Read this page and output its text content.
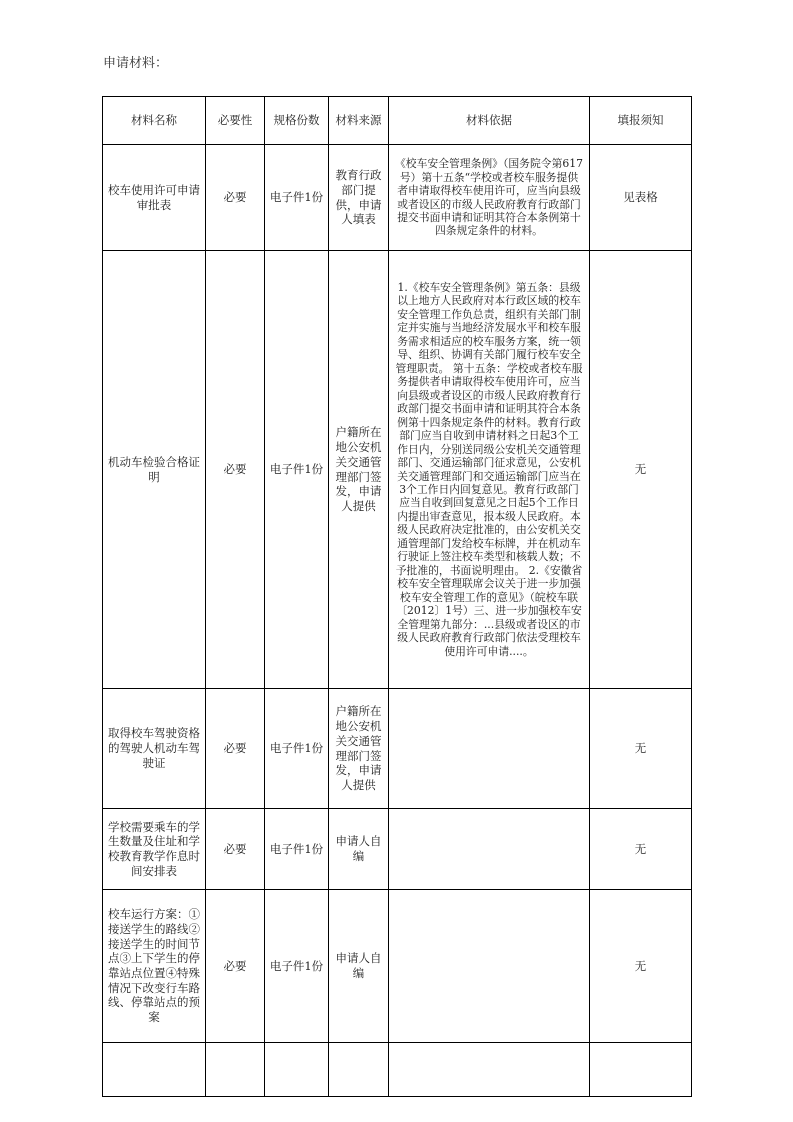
申请材料：
材料名称	必要性	规格份数	材料来源	材料依据	填报须知
校车使用许可申请审批表	必要	电子件1份	教育行政部门提供，申请人填表	《校车安全管理条例》（国务院令第617号）第十五条“学校或者校车服务提供者申请取得校车使用许可，应当向县级或者设区的市级人民政府教育行政部门提交书面申请和证明其符合本条例第十四条规定条件的材料。	见表格
机动车检验合格证明	必要	电子件1份	户籍所在地公安机关交通管理部门签发，申请人提供	1.《校车安全管理条例》第五条：县级以上地方人民政府对本行政区域的校车安全管理工作负总责，组织有关部门制定并实施与当地经济发展水平和校车服务需求相适应的校车服务方案，统一领导、组织、协调有关部门履行校车安全管理职责。 第十五条：学校或者校车服务提供者申请取得校车使用许可，应当向县级或者设区的市级人民政府教育行政部门提交书面申请和证明其符合本条例第十四条规定条件的材料。教育行政部门应当自收到申请材料之日起3个工作日内，分别送同级公安机关交通管理部门、交通运输部门征求意见，公安机关交通管理部门和交通运输部门应当在3个工作日内回复意见。教育行政部门应当自收到回复意见之日起5个工作日内提出审查意见，报本级人民政府。本级人民政府决定批准的，由公安机关交通管理部门发给校车标牌，并在机动车行驶证上签注校车类型和核载人数；不予批准的，书面说明理由。 2.《安徽省校车安全管理联席会议关于进一步加强校车安全管理工作的意见》（皖校车联〔2012〕1号）三、进一步加强校车安全管理第九部分：...县级或者设区的市级人民政府教育行政部门依法受理校车使用许可申请....。	无
取得校车驾驶资格的驾驶人机动车驾驶证	必要	电子件1份	户籍所在地公安机关交通管理部门签发，申请人提供		无
学校需要乘车的学生数量及住址和学校教育教学作息时间安排表	必要	电子件1份	申请人自编		无
校车运行方案：①接送学生的路线②接送学生的时间节点③上下学生的停靠站点位置④特殊情况下改变行车路线、停靠站点的预案	必要	电子件1份	申请人自编		无
